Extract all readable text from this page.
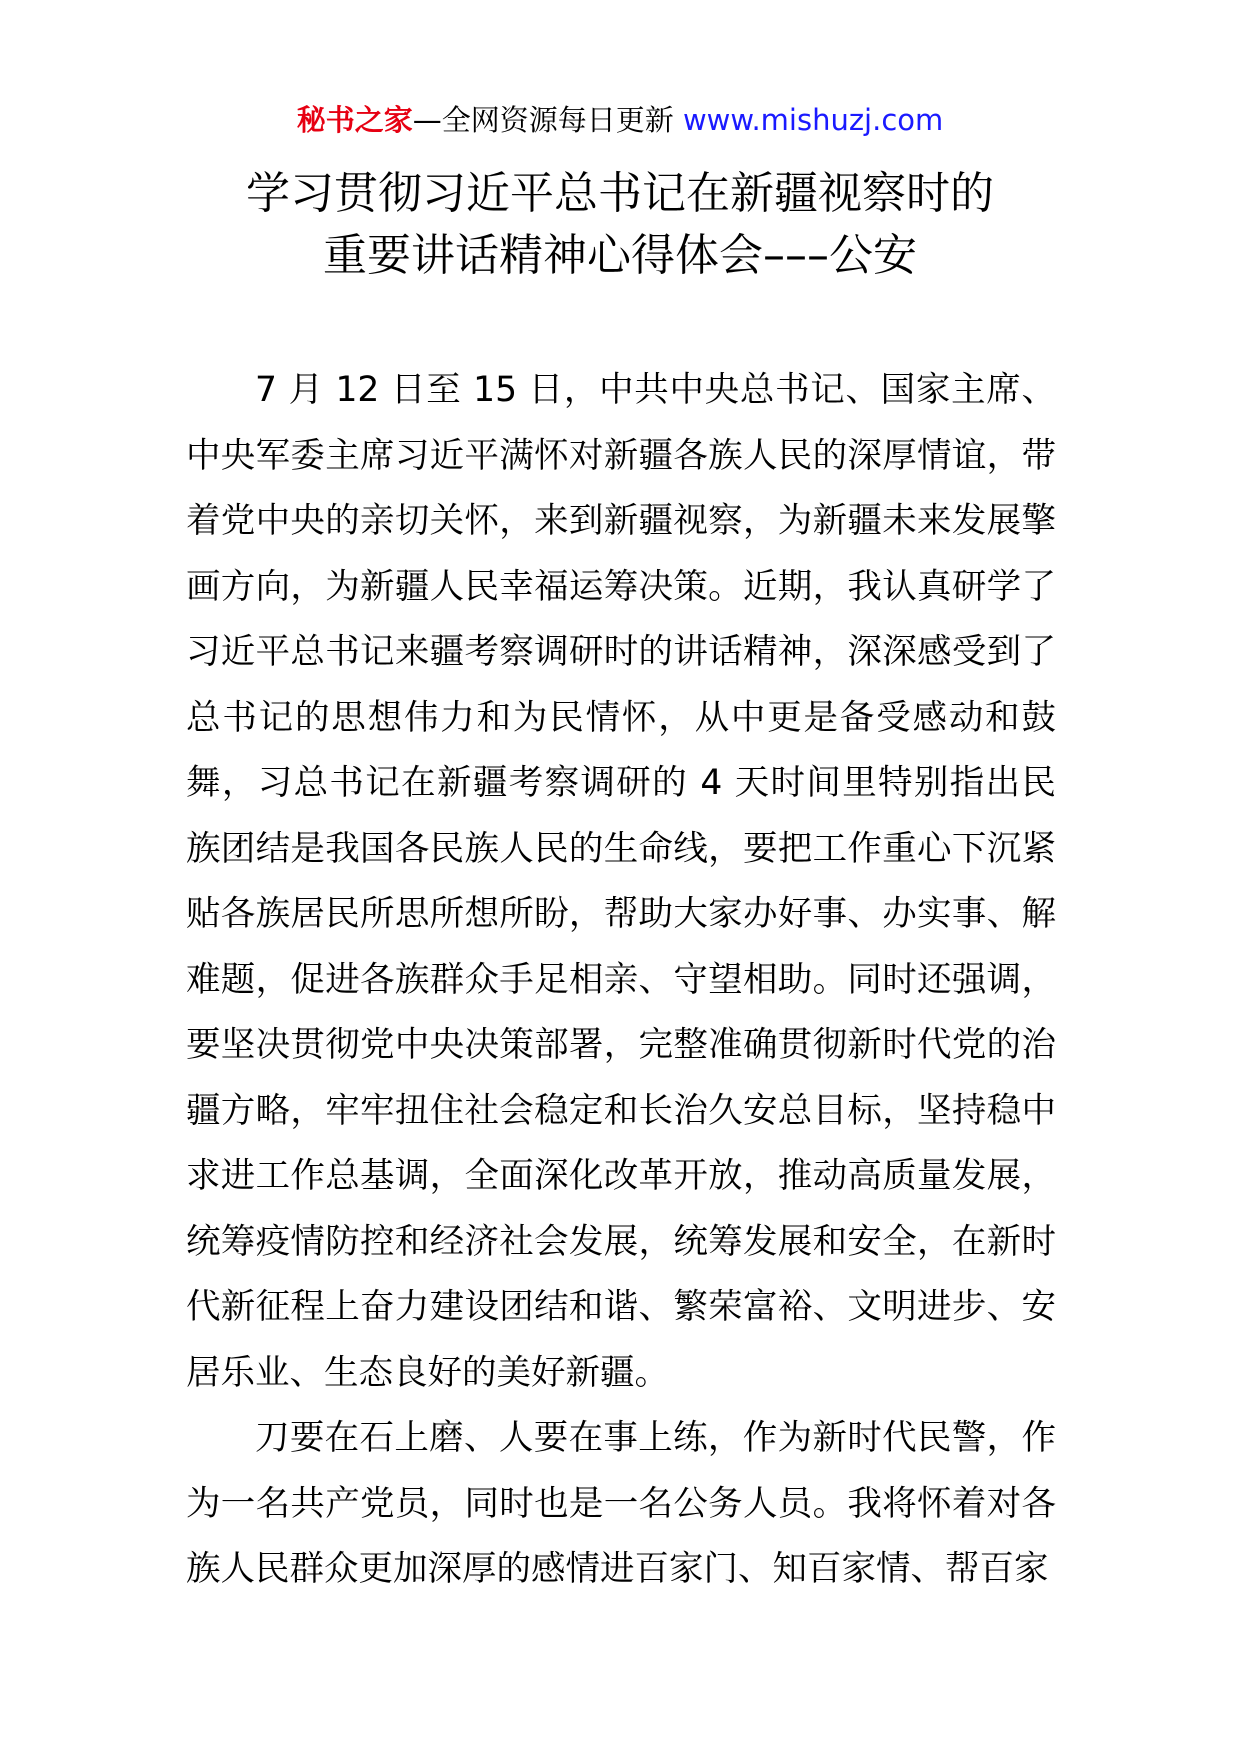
秘书之家—全网资源每日更新 www.mishuzj.com
学习贯彻习近平总书记在新疆视察时的
重要讲话精神心得体会–––公安

7 月 12 日至 15 日，中共中央总书记、国家主席、中央军委主席习近平满怀对新疆各族人民的深厚情谊，带着党中央的亲切关怀，来到新疆视察，为新疆未来发展擎画方向，为新疆人民幸福运筹决策。近期，我认真研学了习近平总书记来疆考察调研时的讲话精神，深深感受到了总书记的思想伟力和为民情怀，从中更是备受感动和鼓舞，习总书记在新疆考察调研的 4 天时间里特别指出民族团结是我国各民族人民的生命线，要把工作重心下沉紧贴各族居民所思所想所盼，帮助大家办好事、办实事、解难题，促进各族群众手足相亲、守望相助。同时还强调，要坚决贯彻党中央决策部署，完整准确贯彻新时代党的治疆方略，牢牢扭住社会稳定和长治久安总目标，坚持稳中求进工作总基调，全面深化改革开放，推动高质量发展，统筹疫情防控和经济社会发展，统筹发展和安全，在新时代新征程上奋力建设团结和谐、繁荣富裕、文明进步、安居乐业、生态良好的美好新疆。

刀要在石上磨、人要在事上练，作为新时代民警，作为一名共产党员，同时也是一名公务人员。我将怀着对各族人民群众更加深厚的感情进百家门、知百家情、帮百家
